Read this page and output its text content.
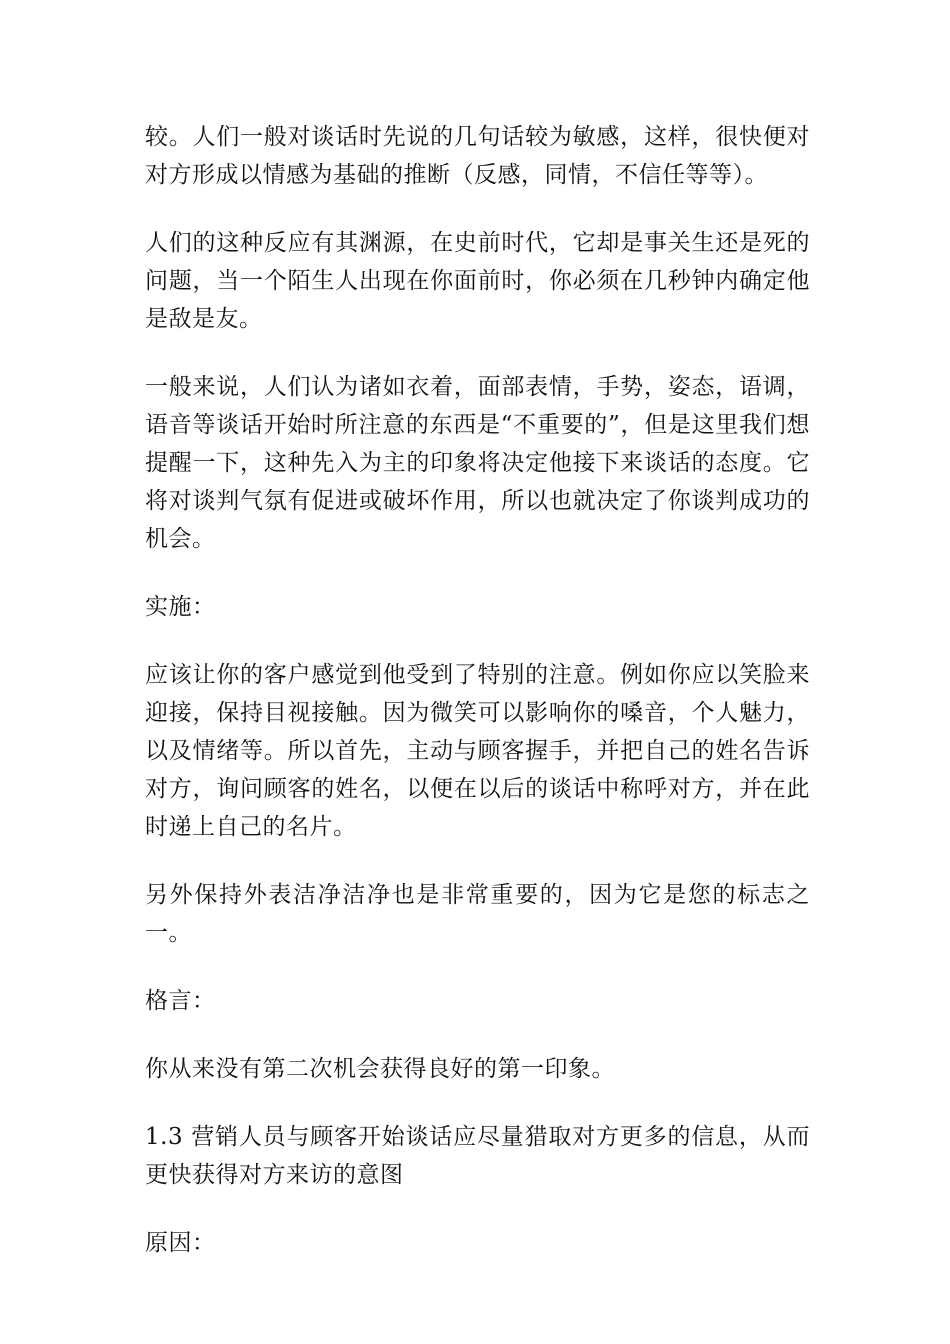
较。人们一般对谈话时先说的几句话较为敏感，这样，很快便对对方形成以情感为基础的推断（反感，同情，不信任等等）。

人们的这种反应有其渊源，在史前时代，它却是事关生还是死的问题，当一个陌生人出现在你面前时，你必须在几秒钟内确定他是敌是友。

一般来说，人们认为诸如衣着，面部表情，手势，姿态，语调，语音等谈话开始时所注意的东西是“不重要的”，但是这里我们想提醒一下，这种先入为主的印象将决定他接下来谈话的态度。它将对谈判气氛有促进或破坏作用，所以也就决定了你谈判成功的机会。

实施：

应该让你的客户感觉到他受到了特别的注意。例如你应以笑脸来迎接，保持目视接触。因为微笑可以影响你的嗓音，个人魅力，以及情绪等。所以首先，主动与顾客握手，并把自己的姓名告诉对方，询问顾客的姓名，以便在以后的谈话中称呼对方，并在此时递上自己的名片。

另外保持外表洁净洁净也是非常重要的，因为它是您的标志之一。

格言：

你从来没有第二次机会获得良好的第一印象。

1.3 营销人员与顾客开始谈话应尽量猎取对方更多的信息，从而更快获得对方来访的意图

原因：
